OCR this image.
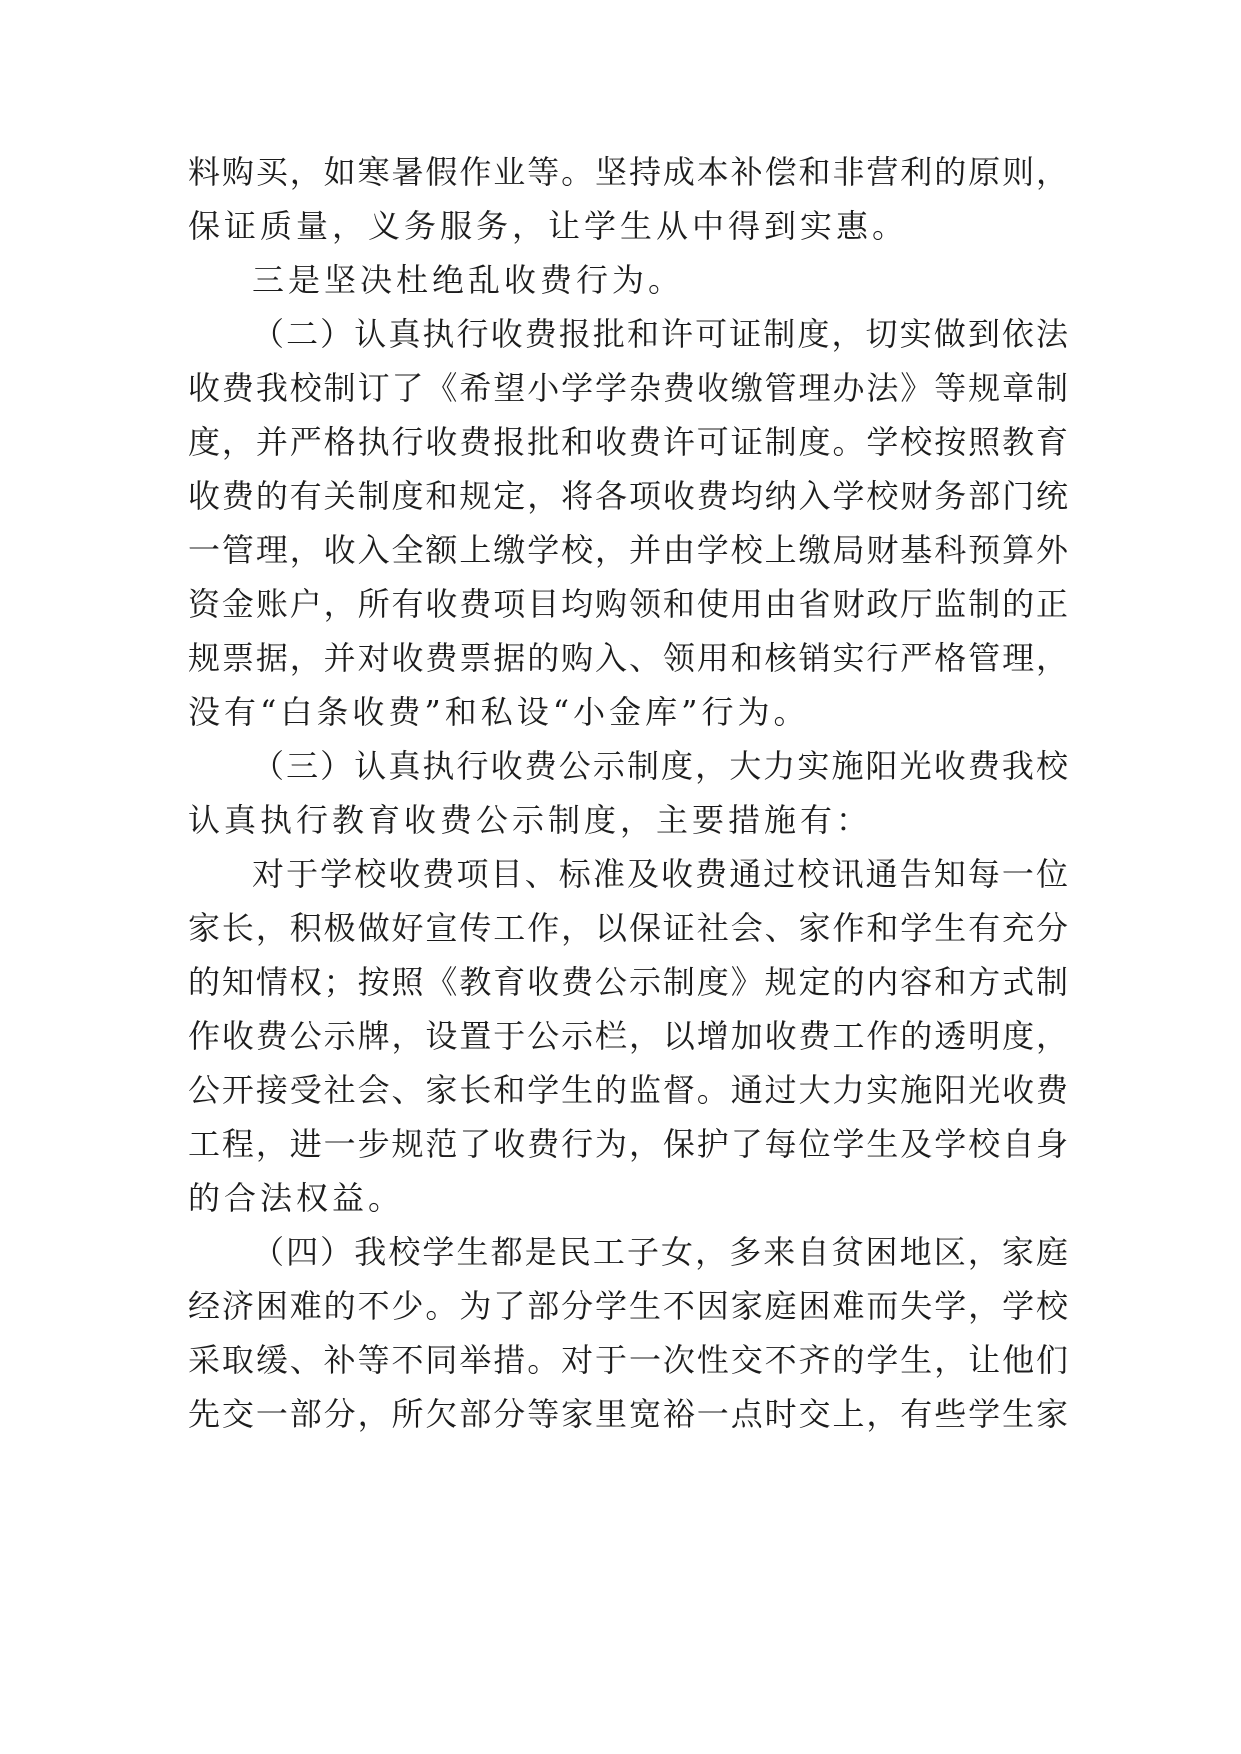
料购买，如寒暑假作业等。坚持成本补偿和非营利的原则，

保证质量，义务服务，让学生从中得到实惠。

三是坚决杜绝乱收费行为。

（二）认真执行收费报批和许可证制度，切实做到依法

收费我校制订了《希望小学学杂费收缴管理办法》等规章制

度，并严格执行收费报批和收费许可证制度。学校按照教育

收费的有关制度和规定，将各项收费均纳入学校财务部门统

一管理，收入全额上缴学校，并由学校上缴局财基科预算外

资金账户，所有收费项目均购领和使用由省财政厅监制的正

规票据，并对收费票据的购入、领用和核销实行严格管理，

没有“白条收费”和私设“小金库”行为。

（三）认真执行收费公示制度，大力实施阳光收费我校

认真执行教育收费公示制度，主要措施有：

对于学校收费项目、标准及收费通过校讯通告知每一位

家长，积极做好宣传工作，以保证社会、家作和学生有充分

的知情权；按照《教育收费公示制度》规定的内容和方式制

作收费公示牌，设置于公示栏，以增加收费工作的透明度，

公开接受社会、家长和学生的监督。通过大力实施阳光收费

工程，进一步规范了收费行为，保护了每位学生及学校自身

的合法权益。

（四）我校学生都是民工子女，多来自贫困地区，家庭

经济困难的不少。为了部分学生不因家庭困难而失学，学校

采取缓、补等不同举措。对于一次性交不齐的学生，让他们

先交一部分，所欠部分等家里宽裕一点时交上，有些学生家
